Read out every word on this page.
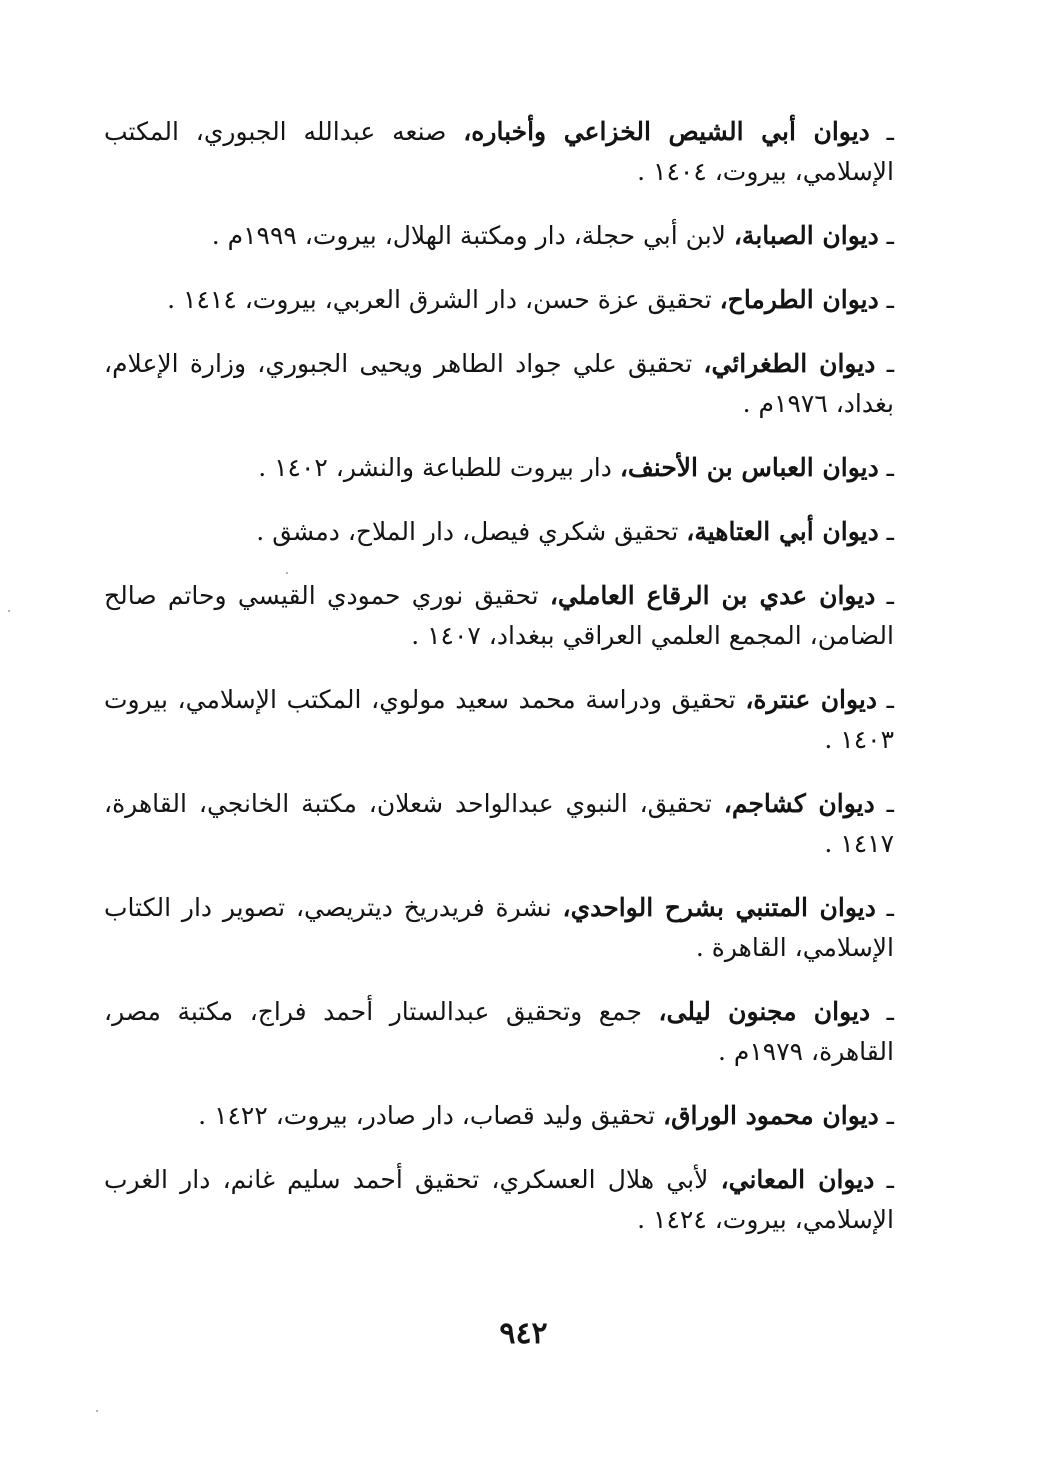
ـ ديوان أبي الشيص الخزاعي وأخباره، صنعه عبدالله الجبوري، المكتب الإسلامي، بيروت، ١٤٠٤ .
ـ ديوان الصبابة، لابن أبي حجلة، دار ومكتبة الهلال، بيروت، ١٩٩٩م .
ـ ديوان الطرماح، تحقيق عزة حسن، دار الشرق العربي، بيروت، ١٤١٤ .
ـ ديوان الطغرائي، تحقيق علي جواد الطاهر ويحيى الجبوري، وزارة الإعلام، بغداد، ١٩٧٦م .
ـ ديوان العباس بن الأحنف، دار بيروت للطباعة والنشر، ١٤٠٢ .
ـ ديوان أبي العتاهية، تحقيق شكري فيصل، دار الملاح، دمشق .
ـ ديوان عدي بن الرقاع العاملي، تحقيق نوري حمودي القيسي وحاتم صالح الضامن، المجمع العلمي العراقي ببغداد، ١٤٠٧ .
ـ ديوان عنترة، تحقيق ودراسة محمد سعيد مولوي، المكتب الإسلامي، بيروت ١٤٠٣ .
ـ ديوان كشاجم، تحقيق، النبوي عبدالواحد شعلان، مكتبة الخانجي، القاهرة، ١٤١٧ .
ـ ديوان المتنبي بشرح الواحدي، نشرة فريدريخ ديتريصي، تصوير دار الكتاب الإسلامي، القاهرة .
ـ ديوان مجنون ليلى، جمع وتحقيق عبدالستار أحمد فراج، مكتبة مصر، القاهرة، ١٩٧٩م .
ـ ديوان محمود الوراق، تحقيق وليد قصاب، دار صادر، بيروت، ١٤٢٢ .
ـ ديوان المعاني، لأبي هلال العسكري، تحقيق أحمد سليم غانم، دار الغرب الإسلامي، بيروت، ١٤٢٤ .
٩٤٢
